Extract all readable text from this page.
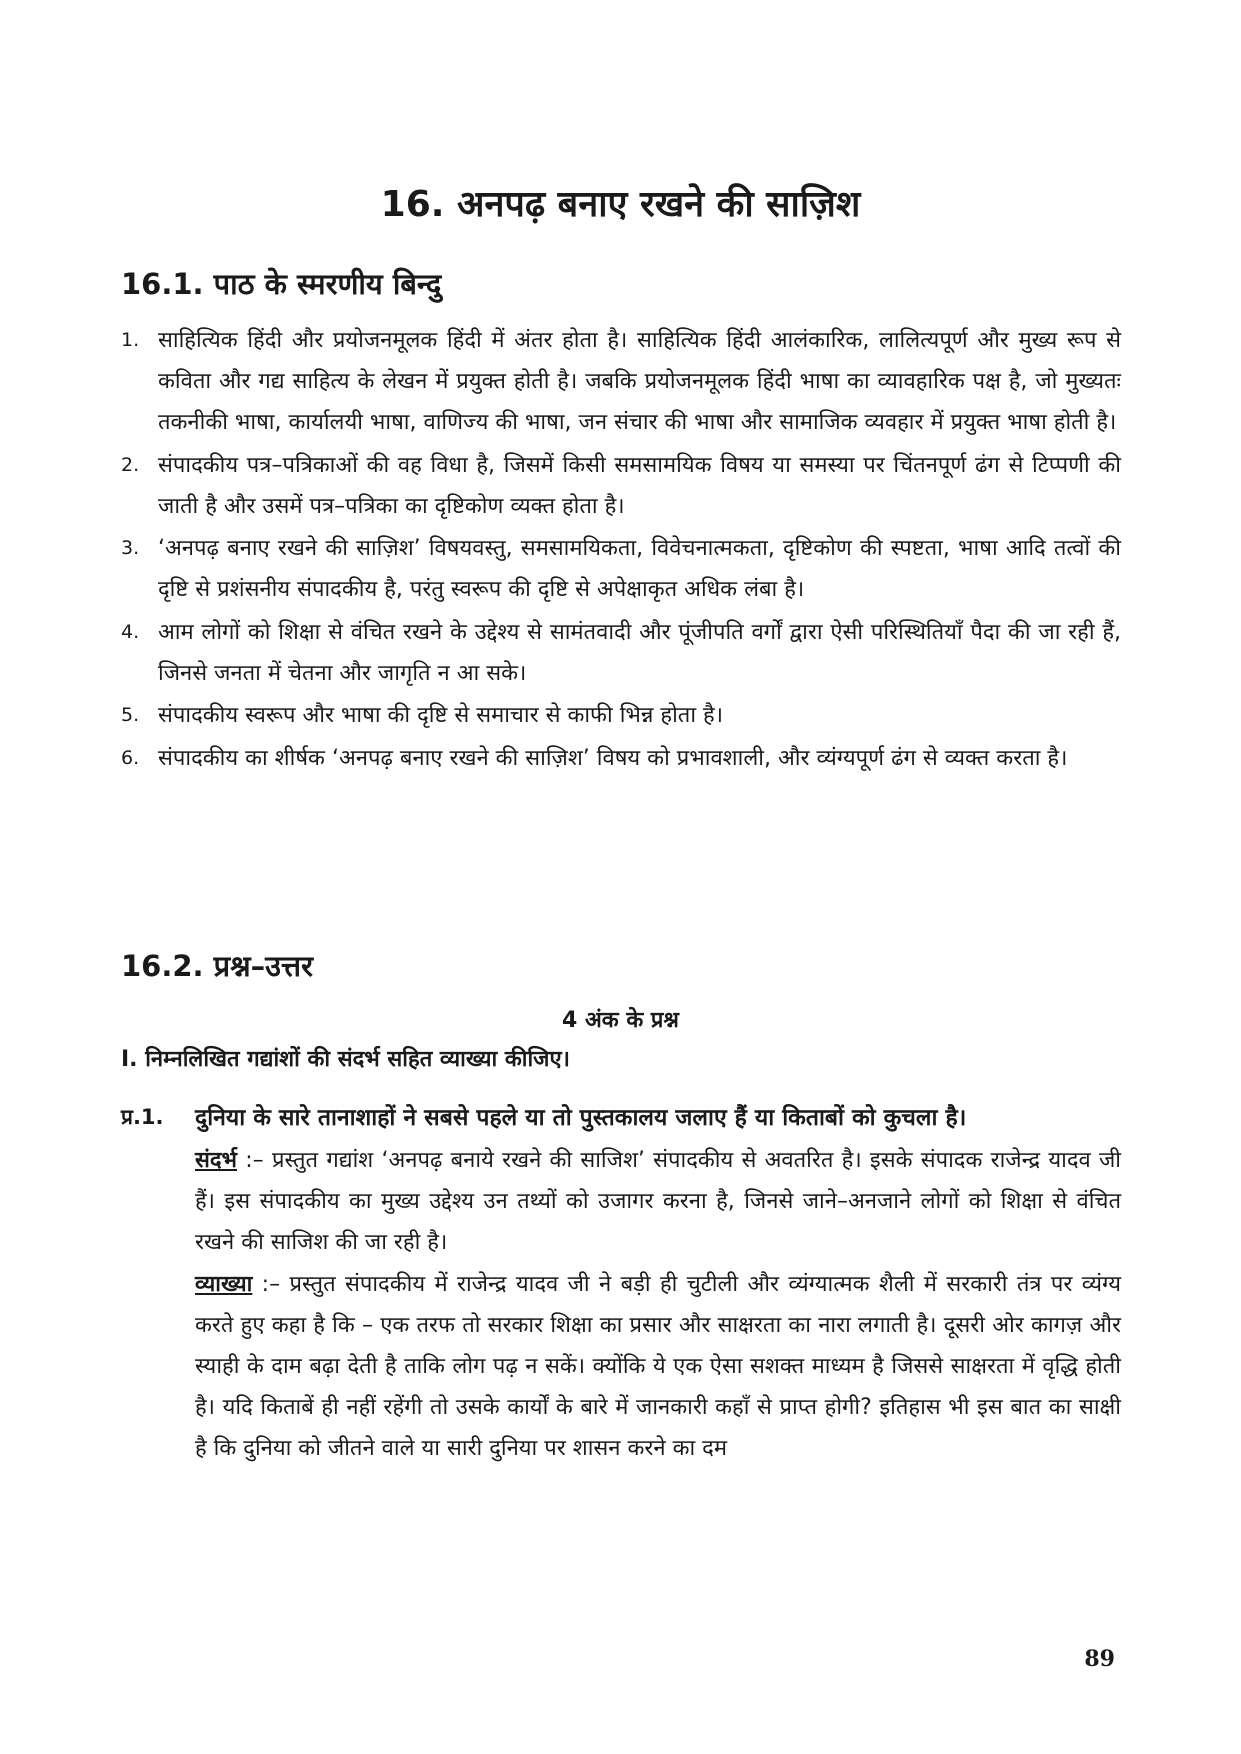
16. अनपढ़ बनाए रखने की साज़िश
16.1. पाठ के स्मरणीय बिन्दु
1. साहित्यिक हिंदी और प्रयोजनमूलक हिंदी में अंतर होता है। साहित्यिक हिंदी आलंकारिक, लालित्यपूर्ण और मुख्य रूप से कविता और गद्य साहित्य के लेखन में प्रयुक्त होती है। जबकि प्रयोजनमूलक हिंदी भाषा का व्यावहारिक पक्ष है, जो मुख्यतः तकनीकी भाषा, कार्यालयी भाषा, वाणिज्य की भाषा, जन संचार की भाषा और सामाजिक व्यवहार में प्रयुक्त भाषा होती है।
2. संपादकीय पत्र–पत्रिकाओं की वह विधा है, जिसमें किसी समसामयिक विषय या समस्या पर चिंतनपूर्ण ढंग से टिप्पणी की जाती है और उसमें पत्र–पत्रिका का दृष्टिकोण व्यक्त होता है।
3. ‘अनपढ़ बनाए रखने की साज़िश’ विषयवस्तु, समसामयिकता, विवेचनात्मकता, दृष्टिकोण की स्पष्टता, भाषा आदि तत्वों की दृष्टि से प्रशंसनीय संपादकीय है, परंतु स्वरूप की दृष्टि से अपेक्षाकृत अधिक लंबा है।
4. आम लोगों को शिक्षा से वंचित रखने के उद्देश्य से सामंतवादी और पूंजीपति वर्गों द्वारा ऐसी परिस्थितियाँ पैदा की जा रही हैं, जिनसे जनता में चेतना और जागृति न आ सके।
5. संपादकीय स्वरूप और भाषा की दृष्टि से समाचार से काफी भिन्न होता है।
6. संपादकीय का शीर्षक ‘अनपढ़ बनाए रखने की साज़िश’ विषय को प्रभावशाली, और व्यंग्यपूर्ण ढंग से व्यक्त करता है।
16.2. प्रश्न–उत्तर
4 अंक के प्रश्न
I. निम्नलिखित गद्यांशों की संदर्भ सहित व्याख्या कीजिए।
प्र.1. दुनिया के सारे तानाशाहों ने सबसे पहले या तो पुस्तकालय जलाए हैं या किताबों को कुचला है।

संदर्भ :– प्रस्तुत गद्यांश ‘अनपढ़ बनाये रखने की साजिश’ संपादकीय से अवतरित है। इसके संपादक राजेन्द्र यादव जी हैं। इस संपादकीय का मुख्य उद्देश्य उन तथ्यों को उजागर करना है, जिनसे जाने–अनजाने लोगों को शिक्षा से वंचित रखने की साजिश की जा रही है।

व्याख्या :– प्रस्तुत संपादकीय में राजेन्द्र यादव जी ने बड़ी ही चुटीली और व्यंग्यात्मक शैली में सरकारी तंत्र पर व्यंग्य करते हुए कहा है कि – एक तरफ तो सरकार शिक्षा का प्रसार और साक्षरता का नारा लगाती है। दूसरी ओर कागज़ और स्याही के दाम बढ़ा देती है ताकि लोग पढ़ न सकें। क्योंकि ये एक ऐसा सशक्त माध्यम है जिससे साक्षरता में वृद्धि होती है। यदि किताबें ही नहीं रहेंगी तो उसके कार्यों के बारे में जानकारी कहाँ से प्राप्त होगी? इतिहास भी इस बात का साक्षी है कि दुनिया को जीतने वाले या सारी दुनिया पर शासन करने का दम

89
